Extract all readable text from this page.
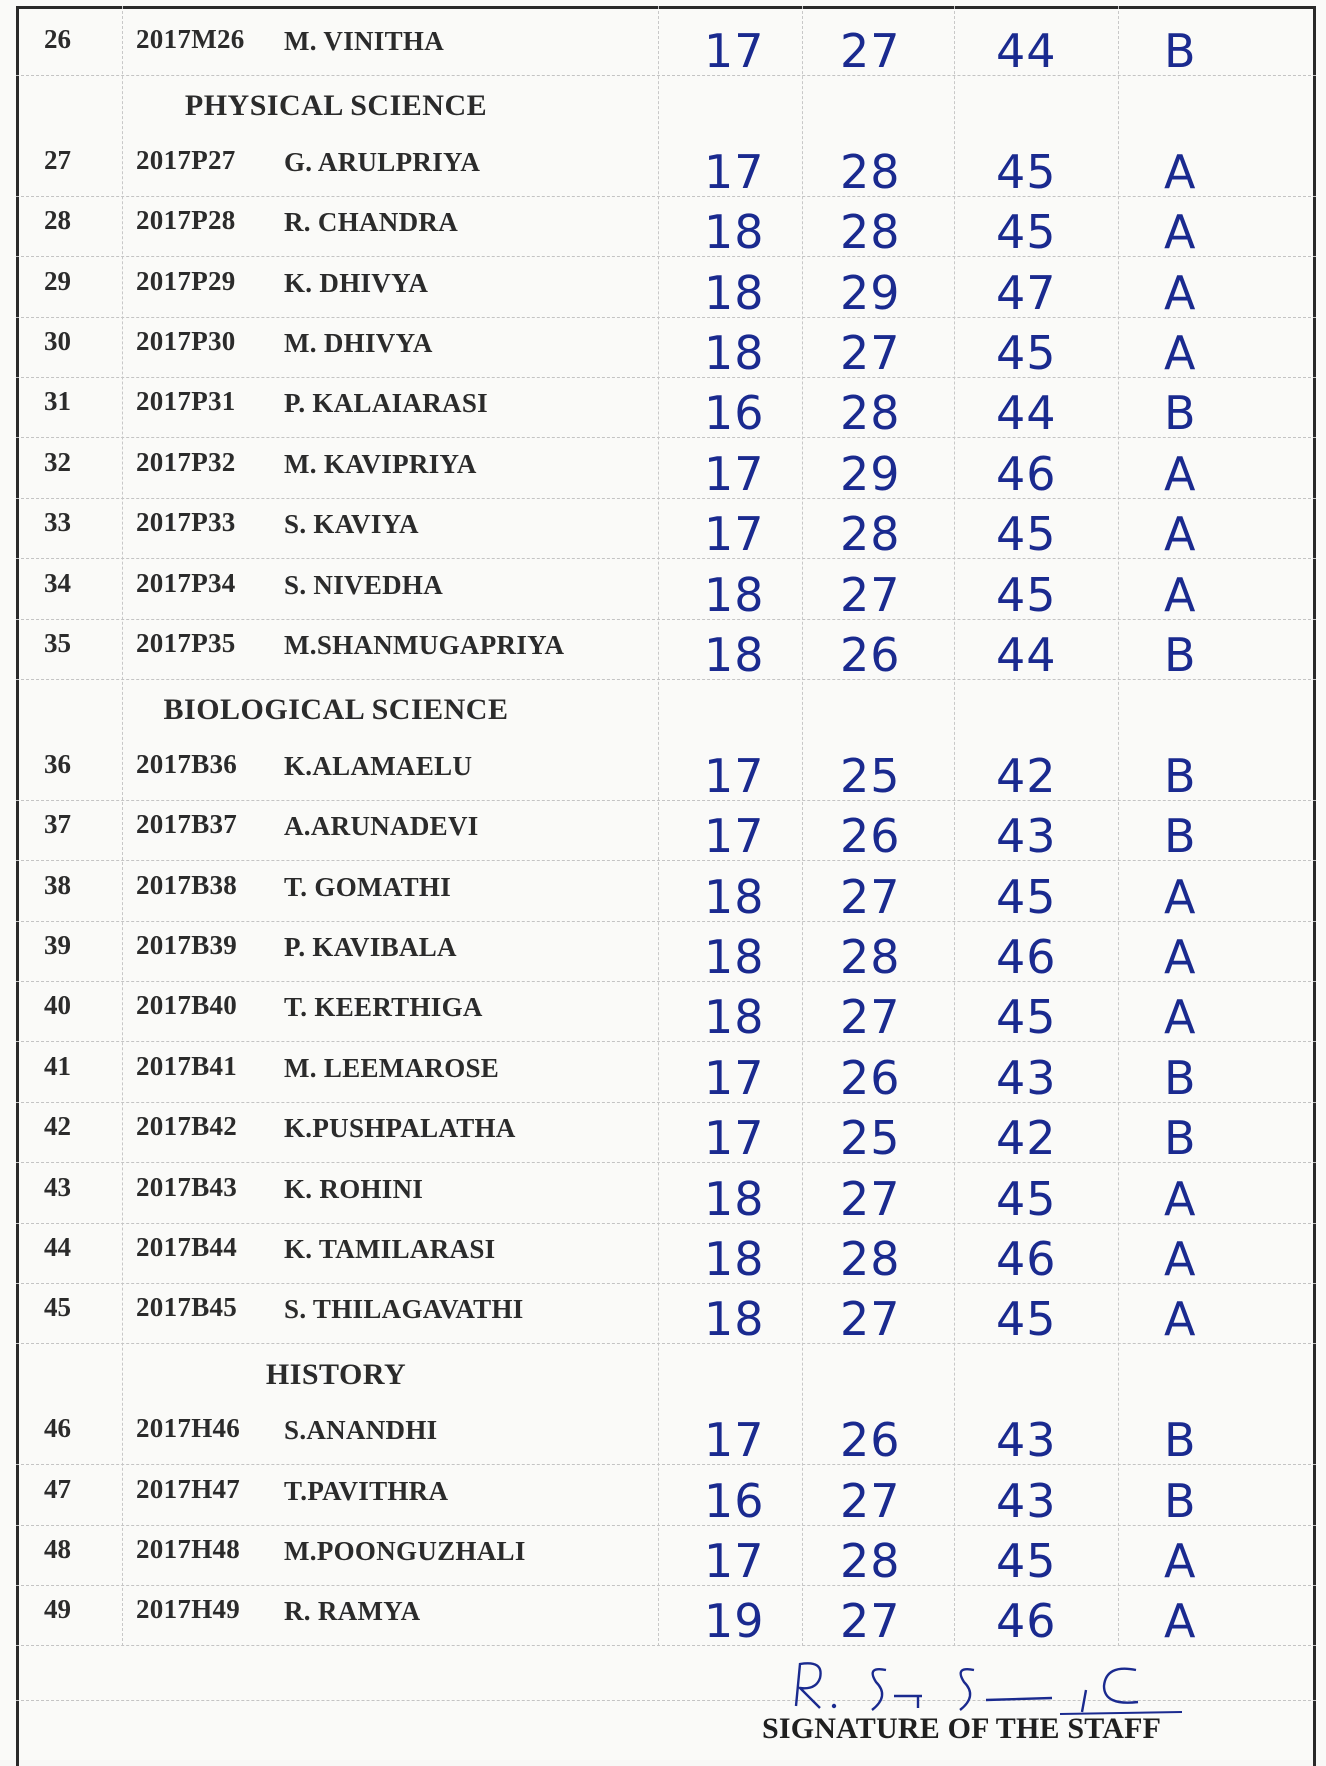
26 2017M26 M. VINITHA	17 27 44 B
PHYSICAL SCIENCE
27 2017P27 G. ARULPRIYA	17 28 45 A
28 2017P28 R. CHANDRA	18 28 45 A
29 2017P29 K. DHIVYA	18 29 47 A
30 2017P30 M. DHIVYA	18 27 45 A
31 2017P31 P. KALAIARASI	16 28 44 B
32 2017P32 M. KAVIPRIYA	17 29 46 A
33 2017P33 S. KAVIYA	17 28 45 A
34 2017P34 S. NIVEDHA	18 27 45 A
35 2017P35 M.SHANMUGAPRIYA	18 26 44 B
BIOLOGICAL SCIENCE
36 2017B36 K.ALAMAELU	17 25 42 B
37 2017B37 A.ARUNADEVI	17 26 43 B
38 2017B38 T. GOMATHI	18 27 45 A
39 2017B39 P. KAVIBALA	18 28 46 A
40 2017B40 T. KEERTHIGA	18 27 45 A
41 2017B41 M. LEEMAROSE	17 26 43 B
42 2017B42 K.PUSHPALATHA	17 25 42 B
43 2017B43 K. ROHINI	18 27 45 A
44 2017B44 K. TAMILARASI	18 28 46 A
45 2017B45 S. THILAGAVATHI	18 27 45 A
HISTORY
46 2017H46 S.ANANDHI	17 26 43 B
47 2017H47 T.PAVITHRA	16 27 43 B
48 2017H48 M.POONGUZHALI	17 28 45 A
49 2017H49 R. RAMYA	19 27 46 A
SIGNATURE OF THE STAFF
